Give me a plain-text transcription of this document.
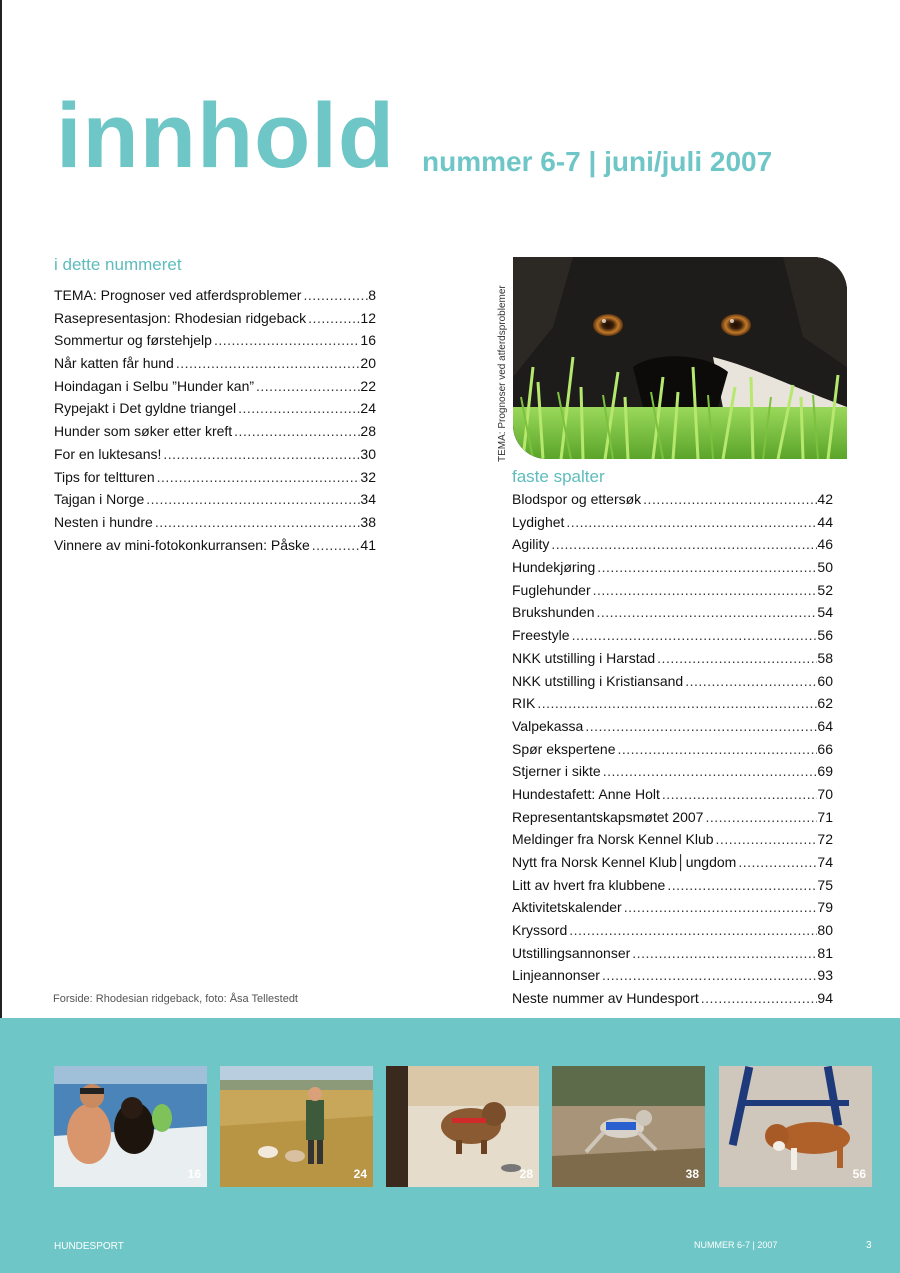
innhold nummer 6-7 | juni/juli 2007
i dette nummeret
TEMA: Prognoser ved atferdsproblemer .....	8
Rasepresentasjon: Rhodesian ridgeback .....	12
Sommertur og førstehjelp .....	16
Når katten får hund .....	20
Hoindagan i Selbu ”Hunder kan” .....	22
Rypejakt i Det gyldne triangel .....	24
Hunder som søker etter kreft .....	28
For en luktesans! .....	30
Tips for teltturen .....	32
Tajgan i Norge .....	34
Nesten i hundre .....	38
Vinnere av mini-fotokonkurransen: Påske .....	41
Forside: Rhodesian ridgeback, foto: Åsa Tellestedt
TEMA: Prognoser ved atferdsproblemer
faste spalter
Blodspor og ettersøk .....	42
Lydighet .....	44
Agility .....	46
Hundekjøring .....	50
Fuglehunder .....	52
Brukshunden .....	54
Freestyle .....	56
NKK utstilling i Harstad .....	58
NKK utstilling i Kristiansand .....	60
RIK .....	62
Valpekassa .....	64
Spør ekspertene .....	66
Stjerner i sikte .....	69
Hundestafett: Anne Holt .....	70
Representantskapsmøtet 2007 .....	71
Meldinger fra Norsk Kennel Klub .....	72
Nytt fra Norsk Kennel Klub│ungdom .....	74
Litt av hvert fra klubbene .....	75
Aktivitetskalender .....	79
Kryssord .....	80
Utstillingsannonser .....	81
Linjeannonser .....	93
Neste nummer av Hundesport .....	94
16	24	28	38	56
HUNDESPORT	NUMMER 6-7 | 2007	3
